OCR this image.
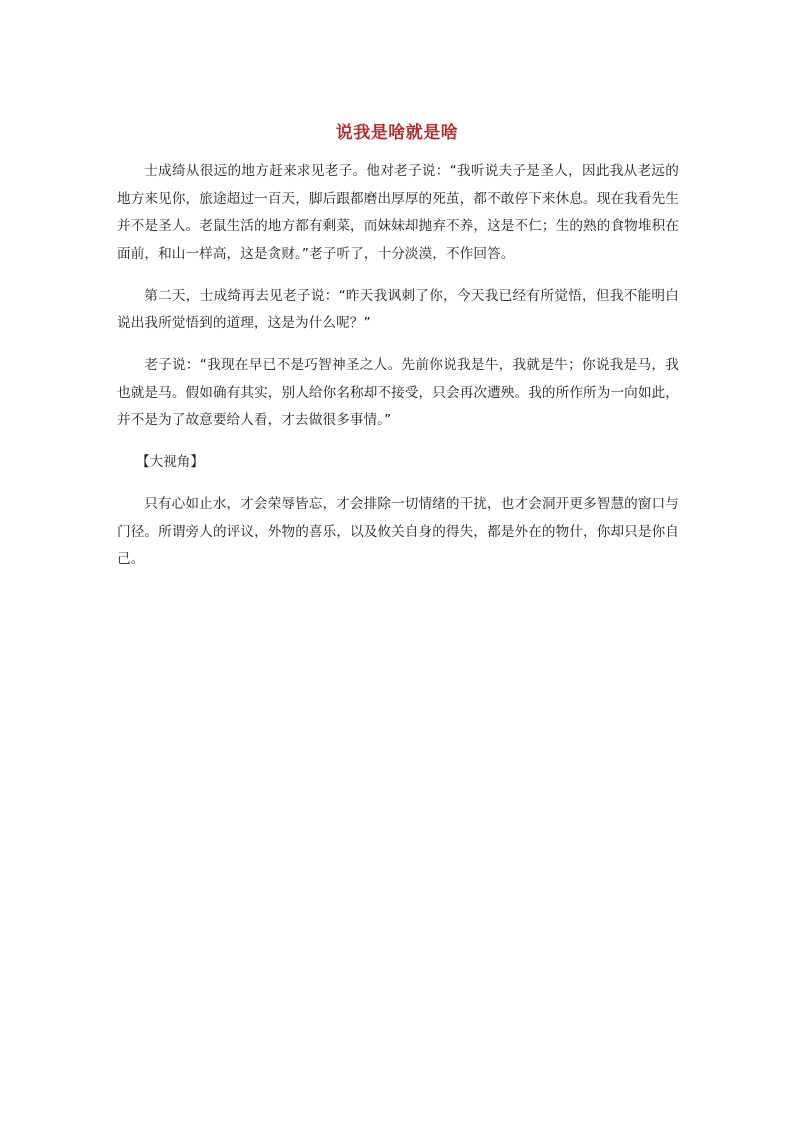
说我是啥就是啥

士成绮从很远的地方赶来求见老子。他对老子说：“我听说夫子是圣人，因此我从老远的地方来见你，旅途超过一百天，脚后跟都磨出厚厚的死茧，都不敢停下来休息。现在我看先生并不是圣人。老鼠生活的地方都有剩菜，而妹妹却抛弃不养，这是不仁；生的熟的食物堆积在面前，和山一样高，这是贪财。”老子听了，十分淡漠，不作回答。

第二天，士成绮再去见老子说：“昨天我讽刺了你，今天我已经有所觉悟，但我不能明白说出我所觉悟到的道理，这是为什么呢？”

老子说：“我现在早已不是巧智神圣之人。先前你说我是牛，我就是牛；你说我是马，我也就是马。假如确有其实，别人给你名称却不接受，只会再次遭殃。我的所作所为一向如此，并不是为了故意要给人看，才去做很多事情。”

【大视角】

只有心如止水，才会荣辱皆忘，才会排除一切情绪的干扰，也才会洞开更多智慧的窗口与门径。所谓旁人的评议，外物的喜乐，以及攸关自身的得失，都是外在的物什，你却只是你自己。
